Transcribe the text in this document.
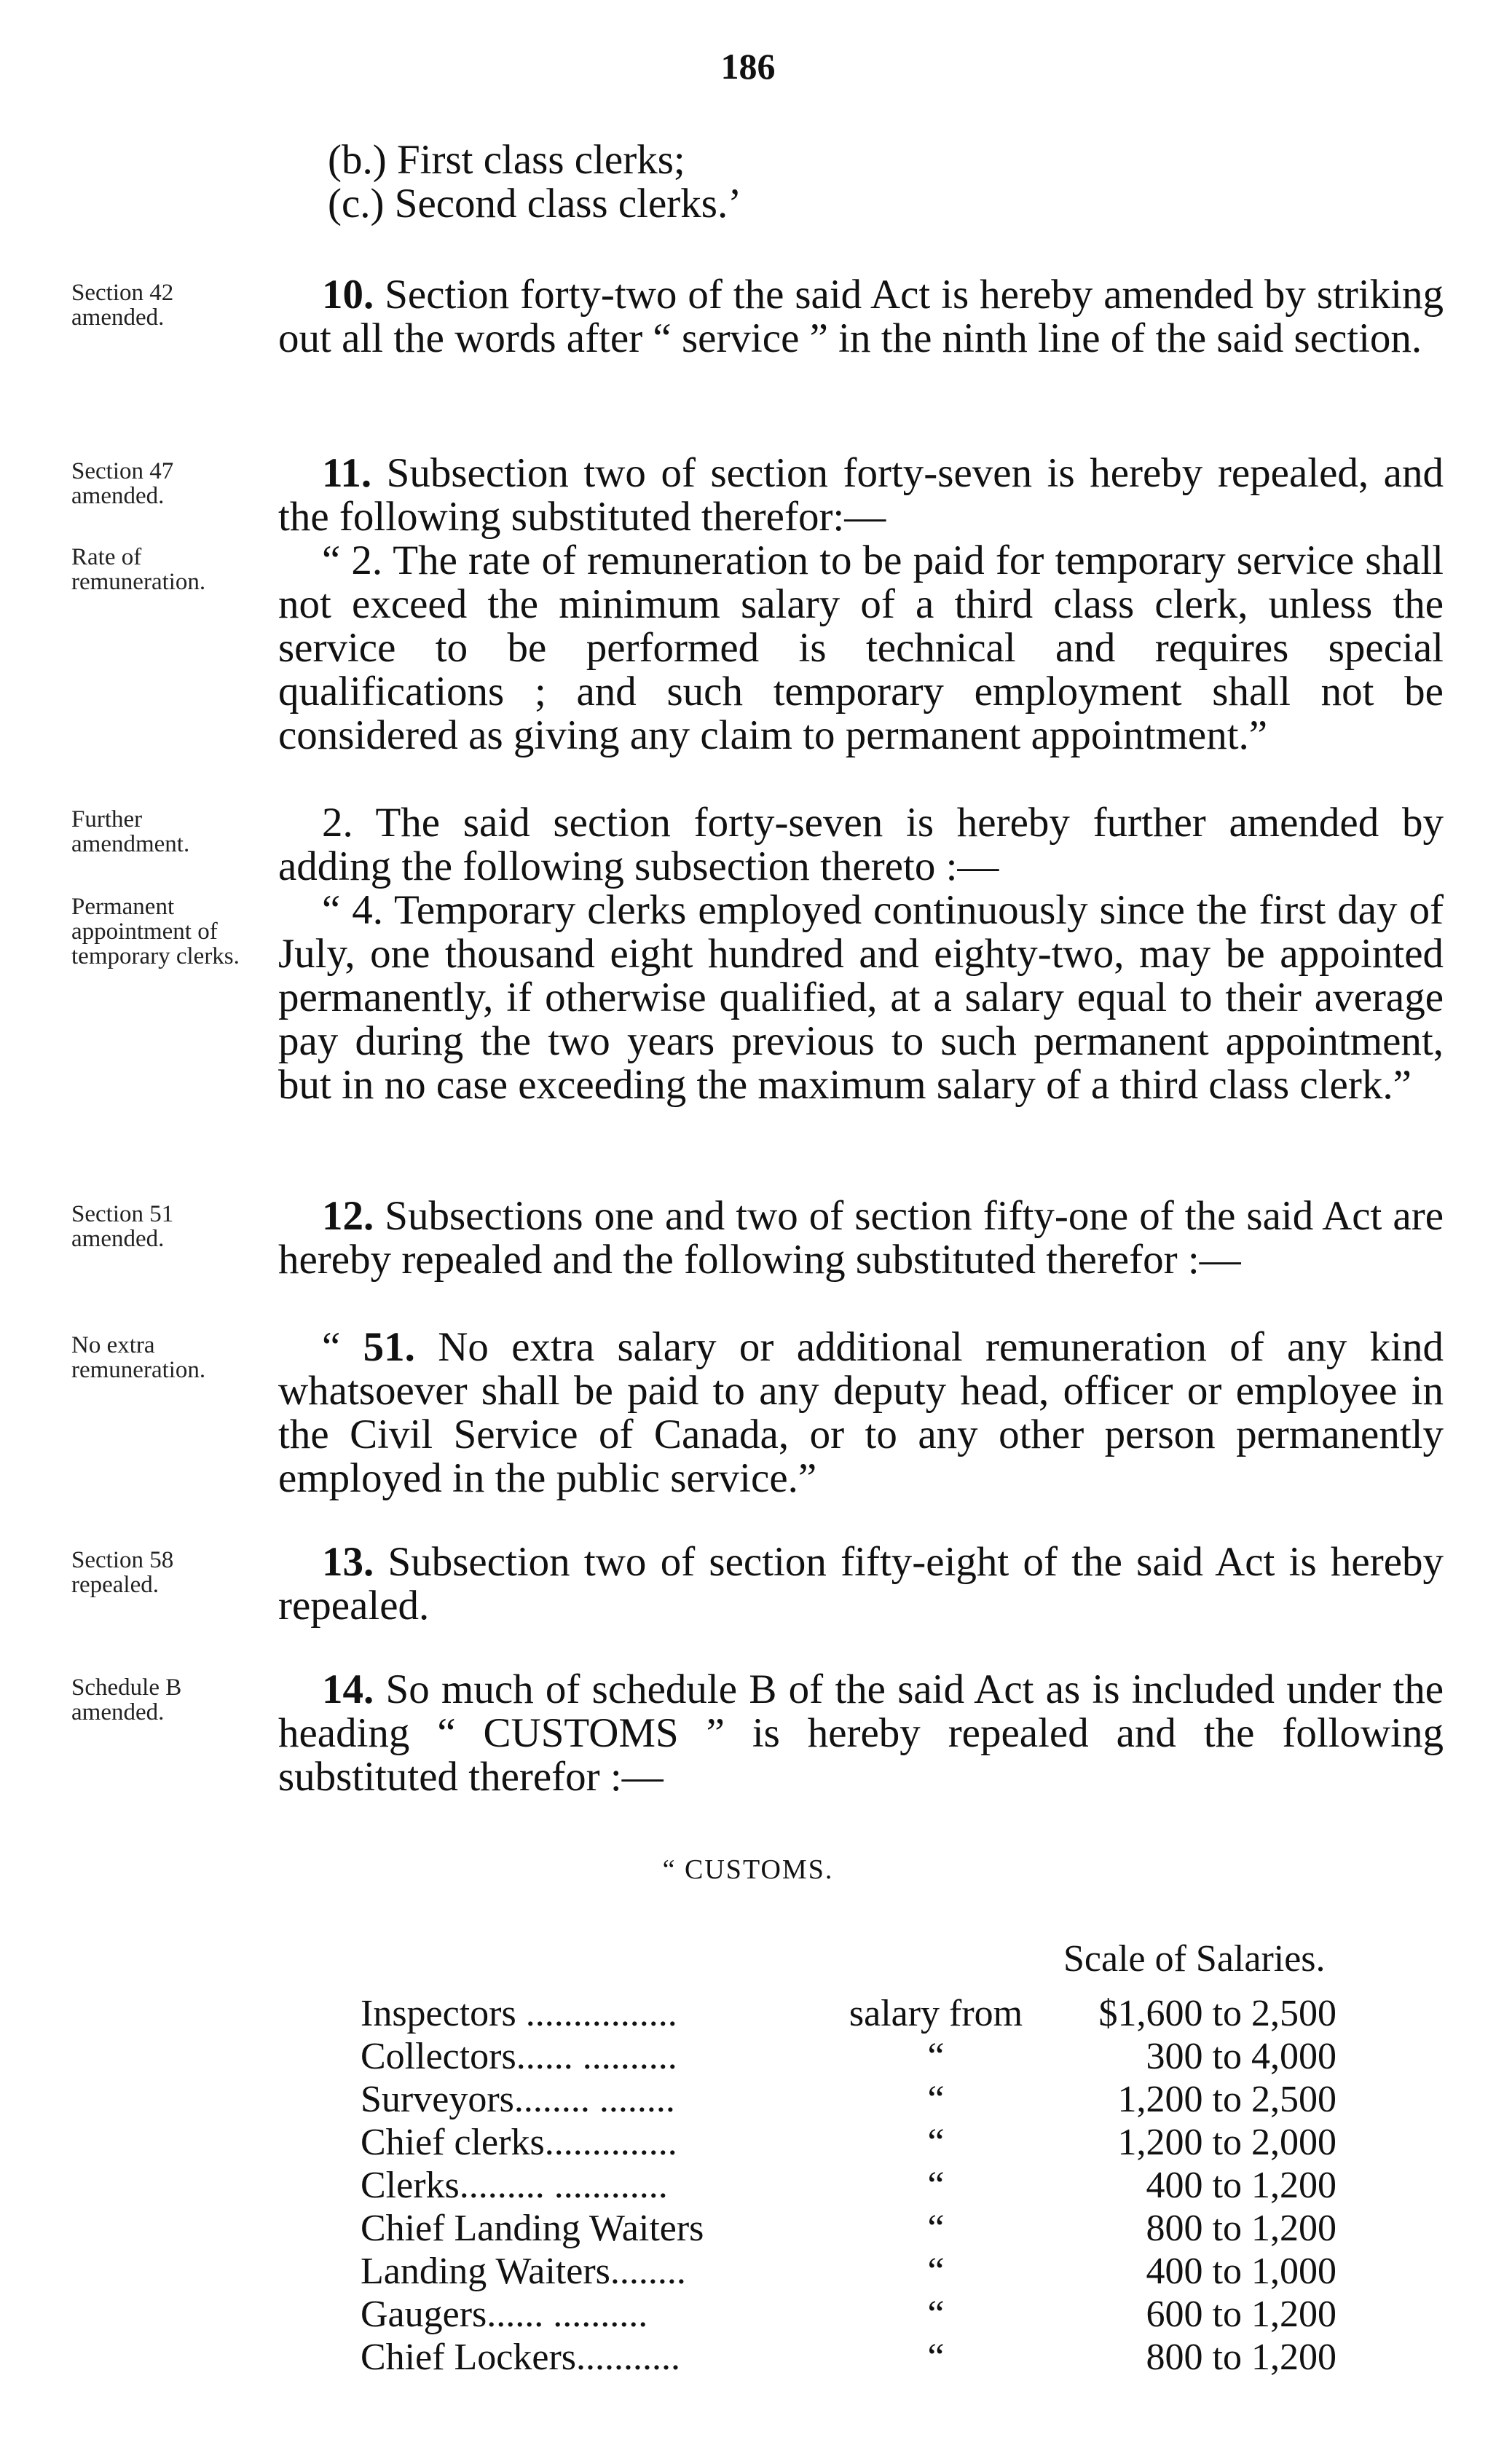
186
(b.) First class clerks;
(c.) Second class clerks.’
Section 42 amended.	10. Section forty-two of the said Act is hereby amended by striking out all the words after “ service ” in the ninth line of the said section.
Section 47 amended.	11. Subsection two of section forty-seven is hereby repealed, and the following substituted therefor:—
Rate of remuneration.	“ 2. The rate of remuneration to be paid for temporary service shall not exceed the minimum salary of a third class clerk, unless the service to be performed is technical and requires special qualifications ; and such temporary employment shall not be considered as giving any claim to permanent appointment.”
Further amendment.	2. The said section forty-seven is hereby further amended by adding the following subsection thereto :—
Permanent appointment of temporary clerks.
“ 4. Temporary clerks employed continuously since the first day of July, one thousand eight hundred and eighty-two, may be appointed permanently, if otherwise qualified, at a salary equal to their average pay during the two years previous to such permanent appointment, but in no case exceeding the maximum salary of a third class clerk.”
Section 51 amended.	12. Subsections one and two of section fifty-one of the said Act are hereby repealed and the following substituted therefor :—
No extra remuneration.	“ 51. No extra salary or additional remuneration of any kind whatsoever shall be paid to any deputy head, officer or employee in the Civil Service of Canada, or to any other person permanently employed in the public service.”
Section 58 repealed.	13. Subsection two of section fifty-eight of the said Act is hereby repealed.
Schedule B amended.	14. So much of schedule B of the said Act as is included under the heading “ CUSTOMS ” is hereby repealed and the following substituted therefor :—
“ CUSTOMS.
Scale of Salaries.
Inspectors ................	salary from	$1,600 to 2,500
Collectors...... ..........	“	300 to 4,000
Surveyors........ ........	“	1,200 to 2,500
Chief clerks..............	“	1,200 to 2,000
Clerks......... ............	“	400 to 1,200
Chief Landing Waiters	“	800 to 1,200
Landing Waiters........	“	400 to 1,000
Gaugers...... ..........	“	600 to 1,200
Chief Lockers...........	“	800 to 1,200
